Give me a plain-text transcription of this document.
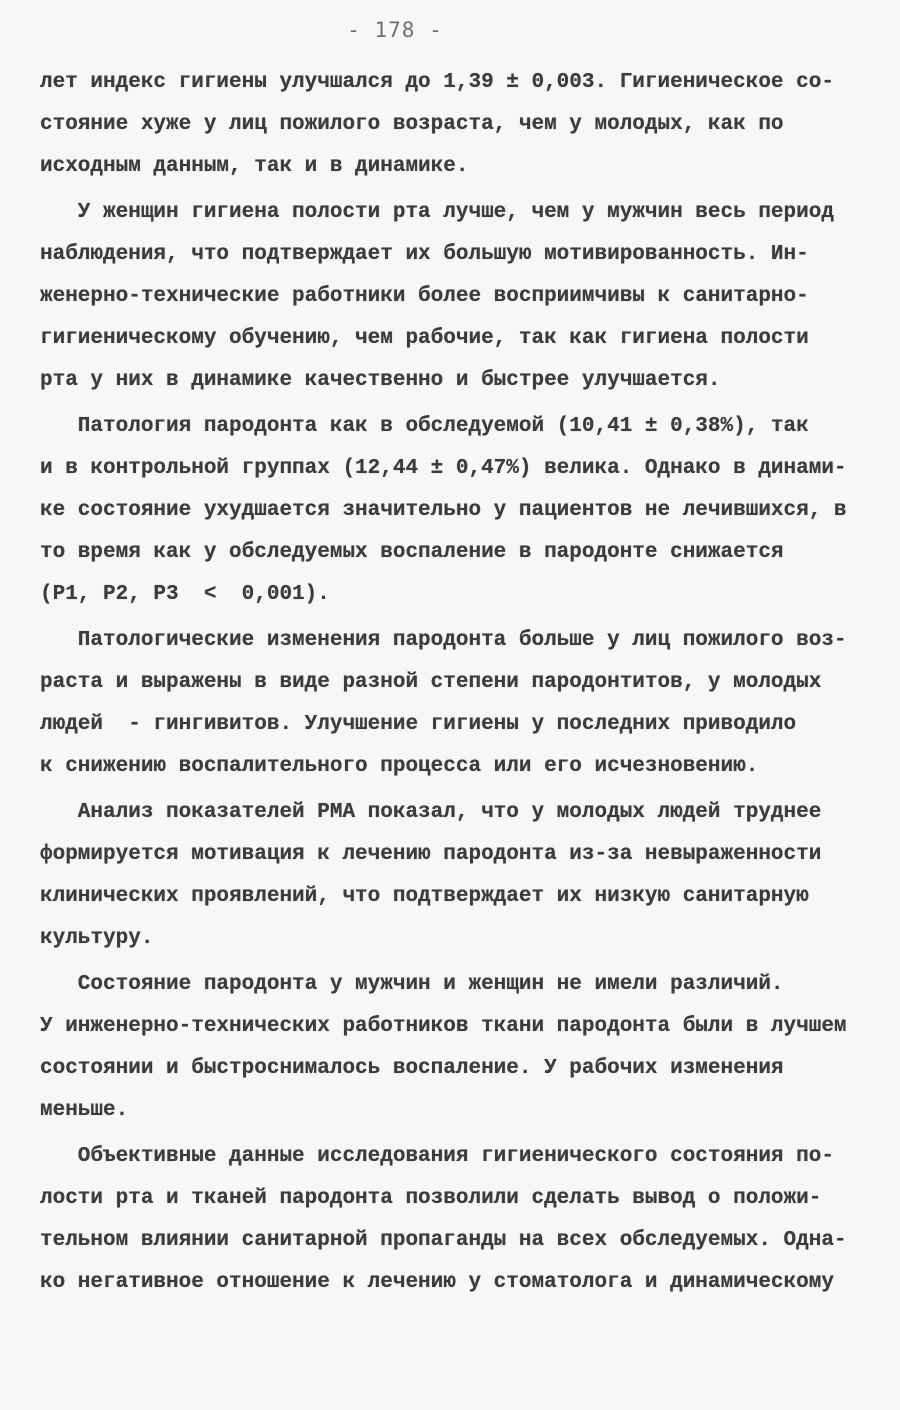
- 178 -
лет индекс гигиены улучшался до 1,39 ± 0,003. Гигиеническое со-
стояние хуже у лиц пожилого возраста, чем у молодых, как по
исходным данным, так и в динамике.
У женщин гигиена полости рта лучше, чем у мужчин весь период
наблюдения, что подтверждает их большую мотивированность. Ин-
женерно-технические работники более восприимчивы к санитарно-
гигиеническому обучению, чем рабочие, так как гигиена полости
рта у них в динамике качественно и быстрее улучшается.
Патология пародонта как в обследуемой (10,41 ± 0,38%), так
и в контрольной группах (12,44 ± 0,47%) велика. Однако в динами-
ке состояние ухудшается значительно у пациентов не лечившихся, в
то время как у обследуемых воспаление в пародонте снижается
(P1, P2, P3  <  0,001).
Патологические изменения пародонта больше у лиц пожилого воз-
раста и выражены в виде разной степени пародонтитов, у молодых
людей  - гингивитов. Улучшение гигиены у последних приводило
к снижению воспалительного процесса или его исчезновению.
Анализ показателей РМА показал, что у молодых людей труднее
формируется мотивация к лечению пародонта из-за невыраженности
клинических проявлений, что подтверждает их низкую санитарную
культуру.
Состояние пародонта у мужчин и женщин не имели различий.
У инженерно-технических работников ткани пародонта были в лучшем
состоянии и быстроснималось воспаление. У рабочих изменения
меньше.
Объективные данные исследования гигиенического состояния по-
лости рта и тканей пародонта позволили сделать вывод о положи-
тельном влиянии санитарной пропаганды на всех обследуемых. Одна-
ко негативное отношение к лечению у стоматолога и динамическому
